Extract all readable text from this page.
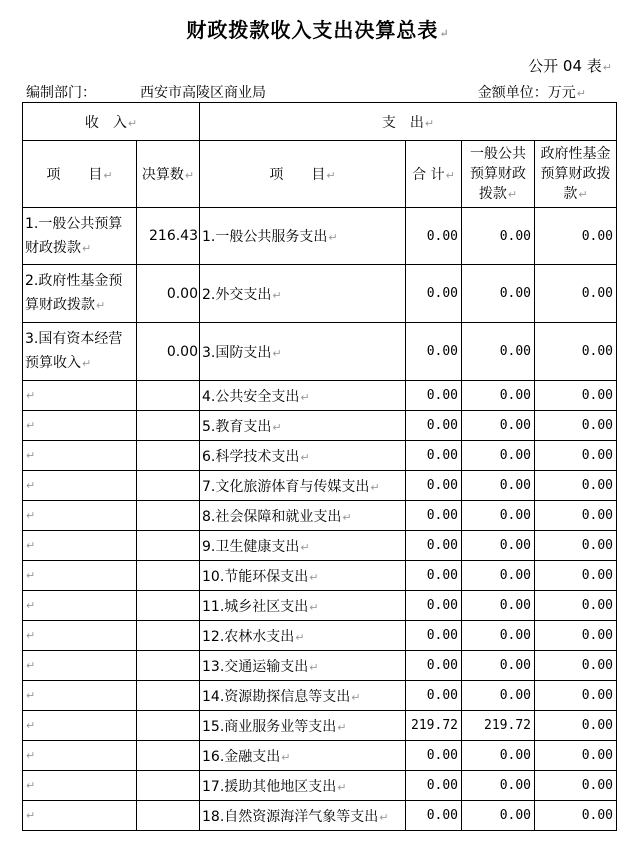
财政拨款收入支出决算总表↵
公开 04 表↵
编制部门：	西安市高陵区商业局	金额单位：万元↵
收　入↵		支　出↵			
项　　目↵	决算数↵	项　　目↵	合 计↵	一般公共预算财政拨款↵	政府性基金预算财政拨款↵
1.一般公共预算财政拨款↵	216.43	1.一般公共服务支出↵	0.00	0.00	0.00
2.政府性基金预算财政拨款↵	0.00	2.外交支出↵	0.00	0.00	0.00
3.国有资本经营预算收入↵	0.00	3.国防支出↵	0.00	0.00	0.00
↵		4.公共安全支出↵	0.00	0.00	0.00
↵		5.教育支出↵	0.00	0.00	0.00
↵		6.科学技术支出↵	0.00	0.00	0.00
↵		7.文化旅游体育与传媒支出↵	0.00	0.00	0.00
↵		8.社会保障和就业支出↵	0.00	0.00	0.00
↵		9.卫生健康支出↵	0.00	0.00	0.00
↵		10.节能环保支出↵	0.00	0.00	0.00
↵		11.城乡社区支出↵	0.00	0.00	0.00
↵		12.农林水支出↵	0.00	0.00	0.00
↵		13.交通运输支出↵	0.00	0.00	0.00
↵		14.资源勘探信息等支出↵	0.00	0.00	0.00
↵		15.商业服务业等支出↵	219.72	219.72	0.00
↵		16.金融支出↵	0.00	0.00	0.00
↵		17.援助其他地区支出↵	0.00	0.00	0.00
↵		18.自然资源海洋气象等支出↵	0.00	0.00	0.00
